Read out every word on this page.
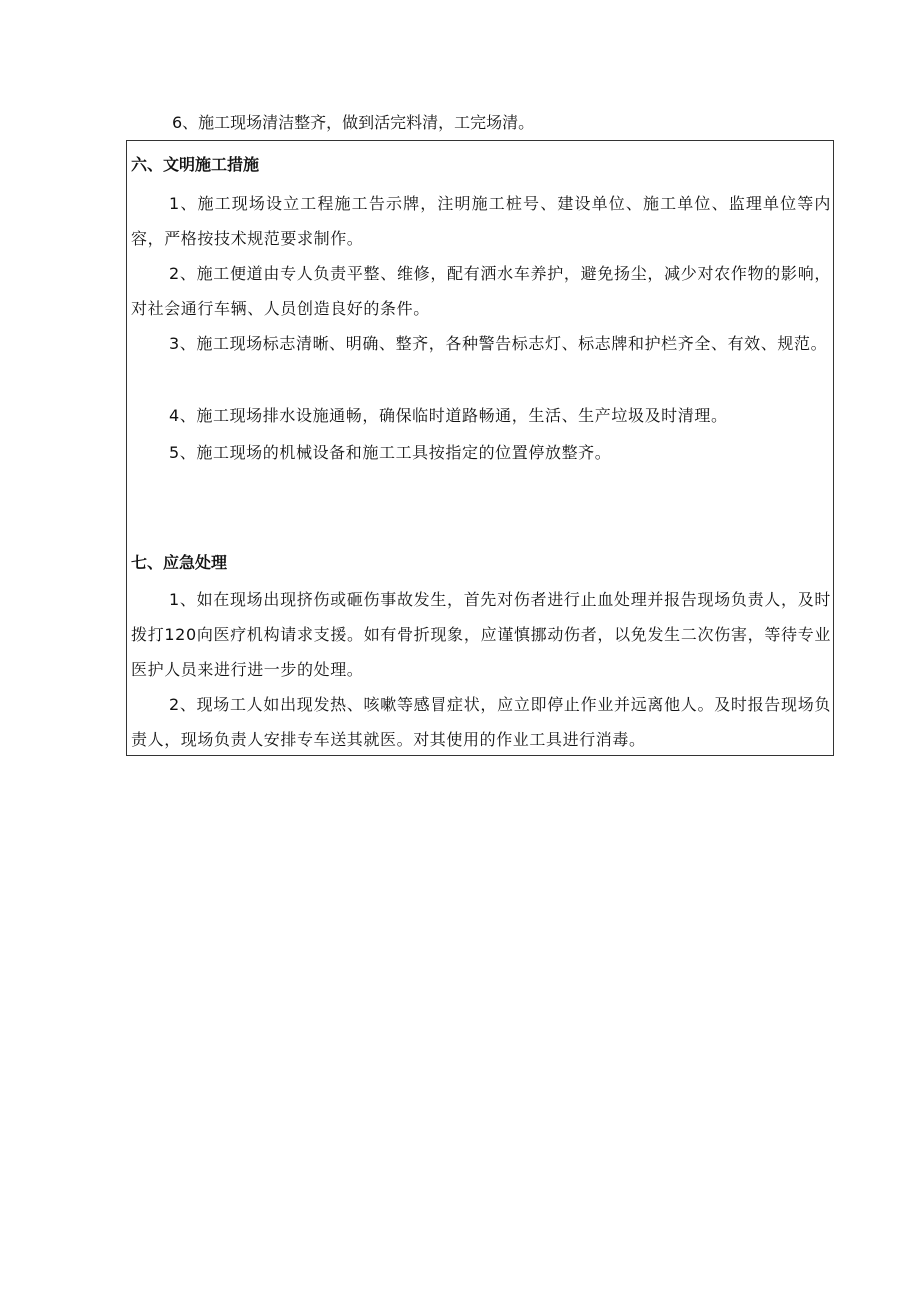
6、施工现场清洁整齐，做到活完料清，工完场清。
六、文明施工措施
1、施工现场设立工程施工告示牌，注明施工桩号、建设单位、施工单位、监理单位等内容，严格按技术规范要求制作。
2、施工便道由专人负责平整、维修，配有洒水车养护，避免扬尘，减少对农作物的影响，对社会通行车辆、人员创造良好的条件。
3、施工现场标志清晰、明确、整齐，各种警告标志灯、标志牌和护栏齐全、有效、规范。
4、施工现场排水设施通畅，确保临时道路畅通，生活、生产垃圾及时清理。
5、施工现场的机械设备和施工工具按指定的位置停放整齐。
七、应急处理
1、如在现场出现挤伤或砸伤事故发生，首先对伤者进行止血处理并报告现场负责人，及时拨打120向医疗机构请求支援。如有骨折现象，应谨慎挪动伤者，以免发生二次伤害，等待专业医护人员来进行进一步的处理。
2、现场工人如出现发热、咳嗽等感冒症状，应立即停止作业并远离他人。及时报告现场负责人，现场负责人安排专车送其就医。对其使用的作业工具进行消毒。
